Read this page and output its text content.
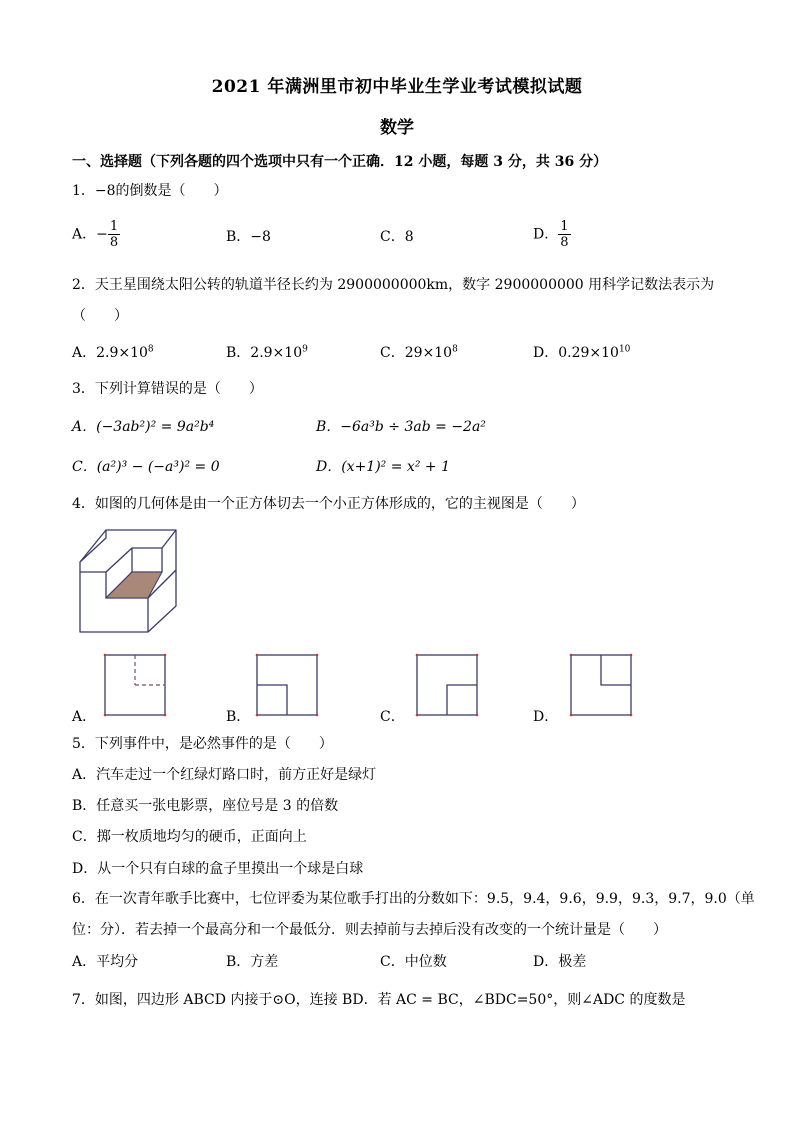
2021 年满洲里市初中毕业生学业考试模拟试题
数学
一、选择题（下列各题的四个选项中只有一个正确．12 小题，每题 3 分，共 36 分）
1．−8的倒数是（　　）
A．− $\frac{1}{8}$	B．−8	C．8	D． $\frac{1}{8}$
2．天王星围绕太阳公转的轨道半径长约为 2900000000km，数字 2900000000 用科学记数法表示为
（　　）
A．$2.9\times 10^8$	B．$2.9\times 10^9$	C．$29\times 10^8$	D．$0.29\times 10^{10}$
3．下列计算错误的是（　　）
A．(−3ab²)² = 9a²b⁴	B．−6a³b ÷ 3ab = −2a²
C．(a²)³ − (−a³)² = 0	D．(x+1)² = x² + 1
4．如图的几何体是由一个正方体切去一个小正方体形成的，它的主视图是（　　）
A．	B．	C．	D．
5．下列事件中，是必然事件的是（　　）
A．汽车走过一个红绿灯路口时，前方正好是绿灯
B．任意买一张电影票，座位号是 3 的倍数
C．掷一枚质地均匀的硬币，正面向上
D．从一个只有白球的盒子里摸出一个球是白球
6．在一次青年歌手比赛中，七位评委为某位歌手打出的分数如下：9.5，9.4，9.6，9.9，9.3，9.7，9.0（单
位：分）．若去掉一个最高分和一个最低分．则去掉前与去掉后没有改变的一个统计量是（　　）
A．平均分	B．方差	C．中位数	D．极差
7．如图，四边形 ABCD 内接于⊙O，连接 BD．若 AC = BC，∠BDC=50°，则∠ADC 的度数是
